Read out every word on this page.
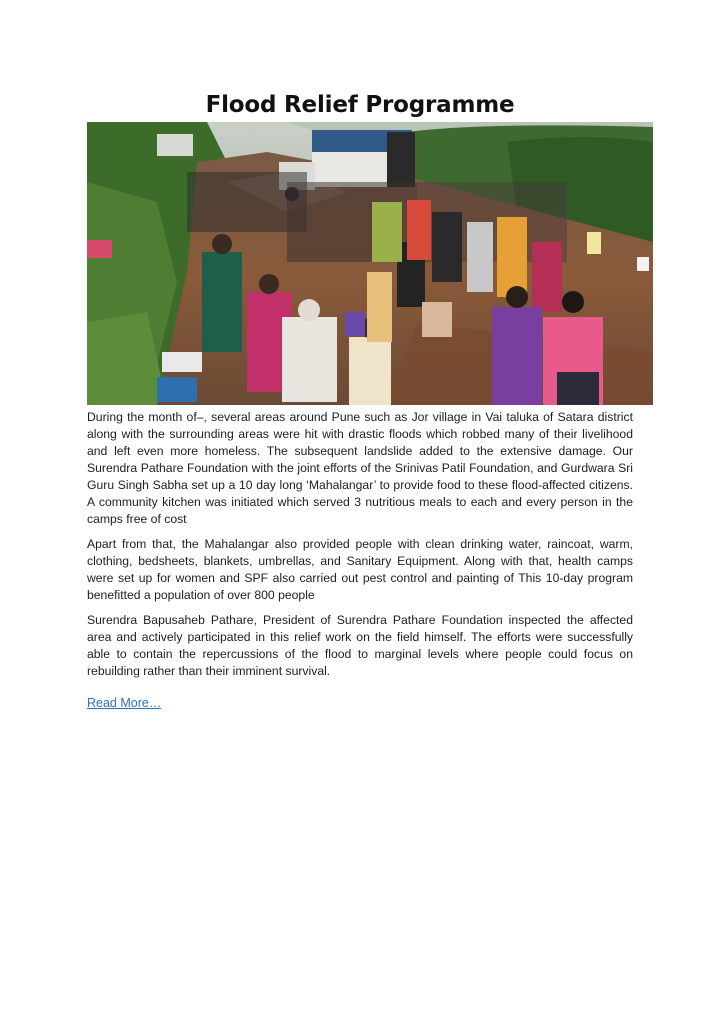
Flood Relief Programme

During the month of–, several areas around Pune such as Jor village in Vai taluka of Satara district along with the surrounding areas were hit with drastic floods which robbed many of their livelihood and left even more homeless. The subsequent landslide added to the extensive damage. Our Surendra Pathare Foundation with the joint efforts of the Srinivas Patil Foundation, and Gurdwara Sri Guru Singh Sabha set up a 10 day long ‘Mahalangar’ to provide food to these flood-affected citizens. A community kitchen was initiated which served 3 nutritious meals to each and every person in the camps free of cost

Apart from that, the Mahalangar also provided people with clean drinking water, raincoat, warm, clothing, bedsheets, blankets, umbrellas, and Sanitary Equipment. Along with that, health camps were set up for women and SPF also carried out pest control and painting of This 10-day program benefitted a population of over 800 people

Surendra Bapusaheb Pathare, President of Surendra Pathare Foundation inspected the affected area and actively participated in this relief work on the field himself. The efforts were successfully able to contain the repercussions of the flood to marginal levels where people could focus on rebuilding rather than their imminent survival.

Read More…
